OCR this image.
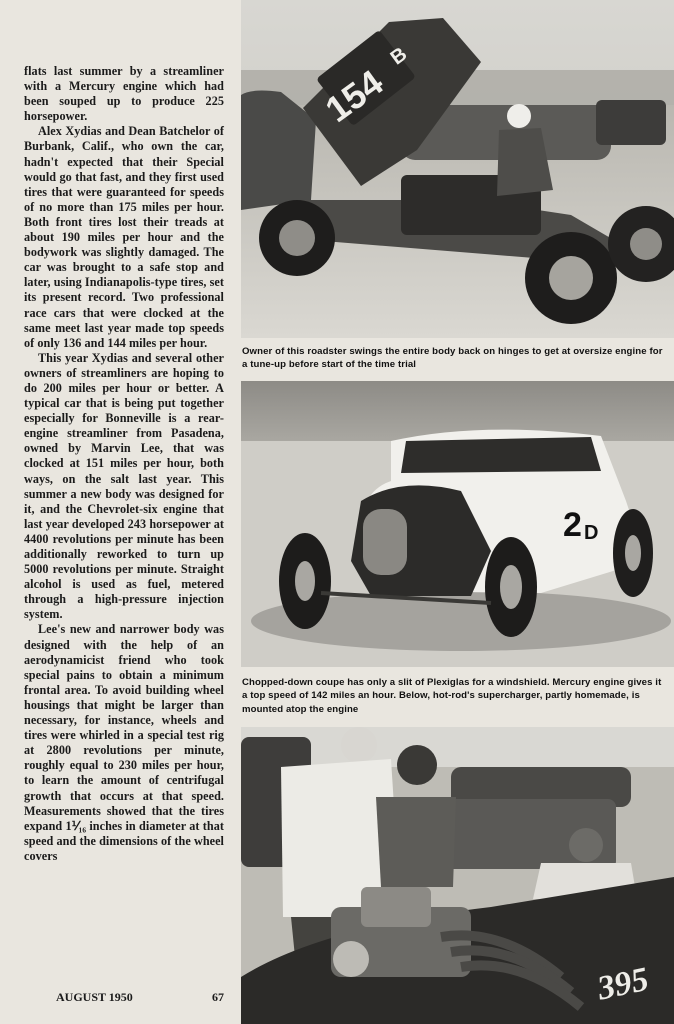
flats last summer by a streamliner with a Mercury engine which had been souped up to produce 225 horsepower.

Alex Xydias and Dean Batchelor of Burbank, Calif., who own the car, hadn't expected that their Special would go that fast, and they first used tires that were guaranteed for speeds of no more than 175 miles per hour. Both front tires lost their treads at about 190 miles per hour and the bodywork was slightly damaged. The car was brought to a safe stop and later, using Indianapolis-type tires, set its present record. Two professional race cars that were clocked at the same meet last year made top speeds of only 136 and 144 miles per hour.

This year Xydias and several other owners of streamliners are hoping to do 200 miles per hour or better. A typical car that is being put together especially for Bonneville is a rear-engine streamliner from Pasadena, owned by Marvin Lee, that was clocked at 151 miles per hour, both ways, on the salt last year. This summer a new body was designed for it, and the Chevrolet-six engine that last year developed 243 horsepower at 4400 revolutions per minute has been additionally reworked to turn up 5000 revolutions per minute. Straight alcohol is used as fuel, metered through a high-pressure injection system.

Lee's new and narrower body was designed with the help of an aerodynamicist friend who took special pains to obtain a minimum frontal area. To avoid building wheel housings that might be larger than necessary, for instance, wheels and tires were whirled in a special test rig at 2800 revolutions per minute, roughly equal to 230 miles per hour, to learn the amount of centrifugal growth that occurs at that speed. Measurements showed that the tires expand 1⅟₁₆ inches in diameter at that speed and the dimensions of the wheel covers

AUGUST 1950	67
154
B
Owner of this roadster swings the entire body back on hinges to get at oversize engine for a tune-up before start of the time trial
2 D
Chopped-down coupe has only a slit of Plexiglas for a windshield. Mercury engine gives it a top speed of 142 miles an hour. Below, hot-rod's supercharger, partly homemade, is mounted atop the engine
395
